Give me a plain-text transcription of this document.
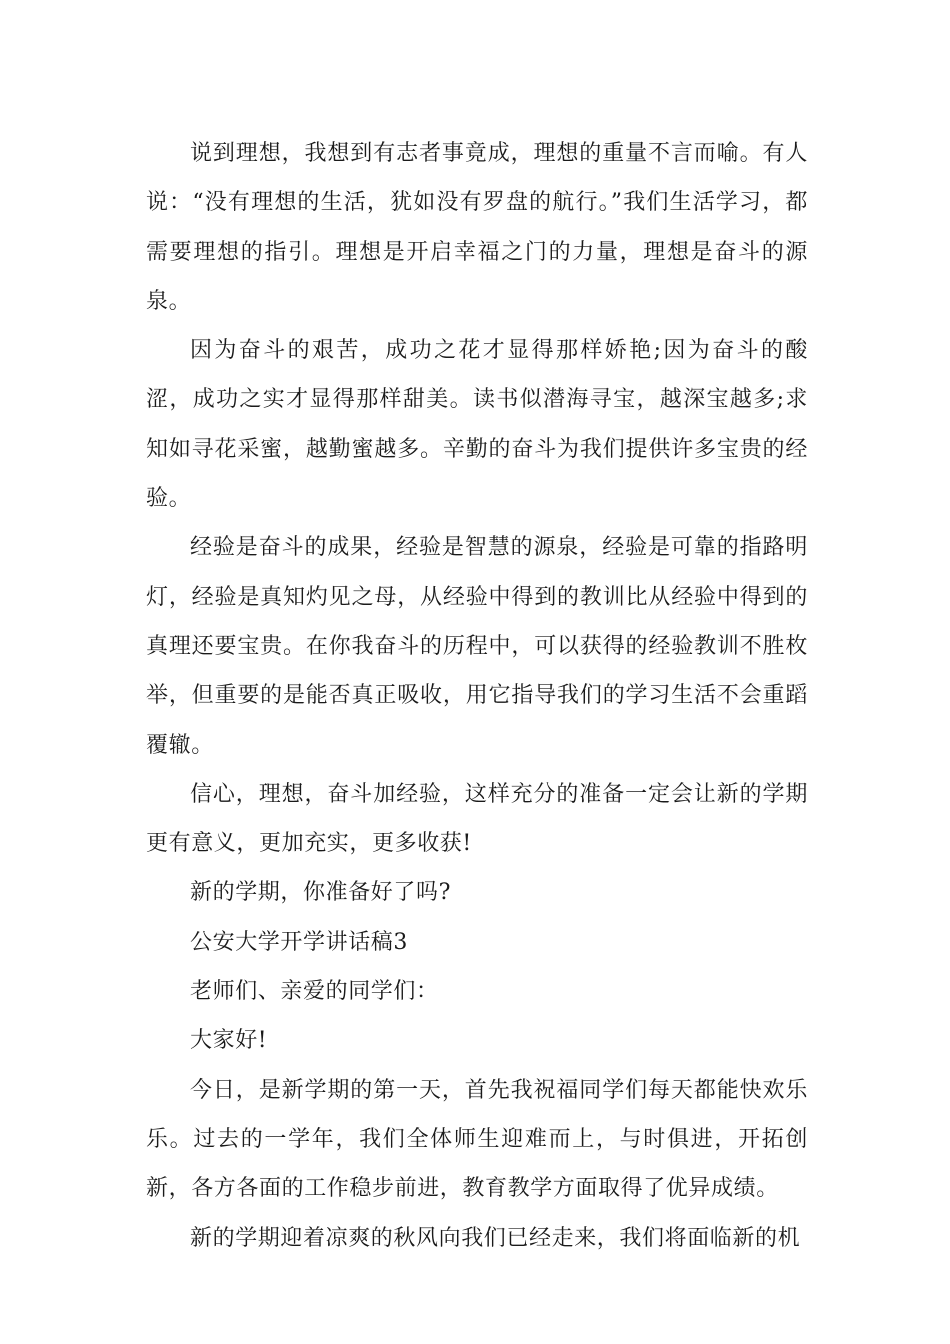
说到理想，我想到有志者事竟成，理想的重量不言而喻。有人说：“没有理想的生活，犹如没有罗盘的航行。”我们生活学习，都需要理想的指引。理想是开启幸福之门的力量，理想是奋斗的源泉。

因为奋斗的艰苦，成功之花才显得那样娇艳;因为奋斗的酸涩，成功之实才显得那样甜美。读书似潜海寻宝，越深宝越多;求知如寻花采蜜，越勤蜜越多。辛勤的奋斗为我们提供许多宝贵的经验。

经验是奋斗的成果，经验是智慧的源泉，经验是可靠的指路明灯，经验是真知灼见之母，从经验中得到的教训比从经验中得到的真理还要宝贵。在你我奋斗的历程中，可以获得的经验教训不胜枚举，但重要的是能否真正吸收，用它指导我们的学习生活不会重蹈覆辙。

信心，理想，奋斗加经验，这样充分的准备一定会让新的学期更有意义，更加充实，更多收获!

新的学期，你准备好了吗?

公安大学开学讲话稿3

老师们、亲爱的同学们：

大家好!

今日，是新学期的第一天，首先我祝福同学们每天都能快欢乐乐。过去的一学年，我们全体师生迎难而上，与时俱进，开拓创新，各方各面的工作稳步前进，教育教学方面取得了优异成绩。

新的学期迎着凉爽的秋风向我们已经走来，我们将面临新的机
